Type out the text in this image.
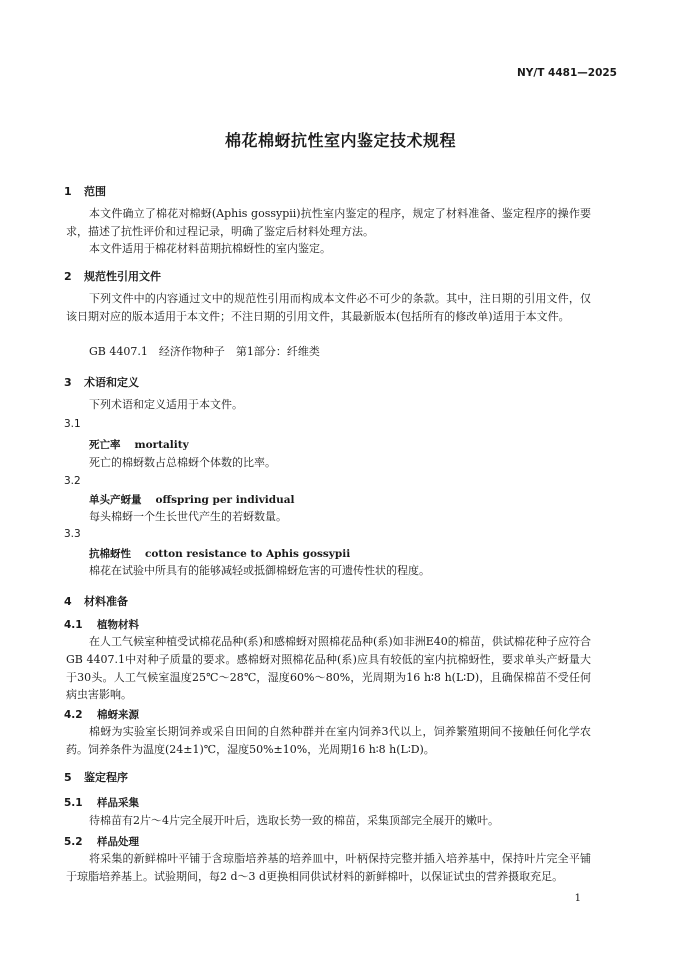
NY/T 4481—2025
棉花棉蚜抗性室内鉴定技术规程
1 范围
本文件确立了棉花对棉蚜(Aphis gossypii)抗性室内鉴定的程序，规定了材料准备、鉴定程序的操作要求，描述了抗性评价和过程记录，明确了鉴定后材料处理方法。
本文件适用于棉花材料苗期抗棉蚜性的室内鉴定。
2 规范性引用文件
下列文件中的内容通过文中的规范性引用而构成本文件必不可少的条款。其中，注日期的引用文件，仅该日期对应的版本适用于本文件；不注日期的引用文件，其最新版本(包括所有的修改单)适用于本文件。
GB 4407.1　经济作物种子　第1部分：纤维类
3 术语和定义
下列术语和定义适用于本文件。
3.1
死亡率 mortality
死亡的棉蚜数占总棉蚜个体数的比率。
3.2
单头产蚜量 offspring per individual
每头棉蚜一个生长世代产生的若蚜数量。
3.3
抗棉蚜性 cotton resistance to Aphis gossypii
棉花在试验中所具有的能够减轻或抵御棉蚜危害的可遗传性状的程度。
4 材料准备
4.1 植物材料
在人工气候室种植受试棉花品种(系)和感棉蚜对照棉花品种(系)如非洲E40的棉苗，供试棉花种子应符合GB 4407.1中对种子质量的要求。感棉蚜对照棉花品种(系)应具有较低的室内抗棉蚜性，要求单头产蚜量大于30头。人工气候室温度25℃～28℃，湿度60%～80%，光周期为16 h∶8 h(L∶D)，且确保棉苗不受任何病虫害影响。
4.2 棉蚜来源
棉蚜为实验室长期饲养或采自田间的自然种群并在室内饲养3代以上，饲养繁殖期间不接触任何化学农药。饲养条件为温度(24±1)℃，湿度50%±10%，光周期16 h∶8 h(L∶D)。
5 鉴定程序
5.1 样品采集
待棉苗有2片～4片完全展开叶后，选取长势一致的棉苗，采集顶部完全展开的嫩叶。
5.2 样品处理
将采集的新鲜棉叶平铺于含琼脂培养基的培养皿中，叶柄保持完整并插入培养基中，保持叶片完全平铺于琼脂培养基上。试验期间，每2 d～3 d更换相同供试材料的新鲜棉叶，以保证试虫的营养摄取充足。
1
